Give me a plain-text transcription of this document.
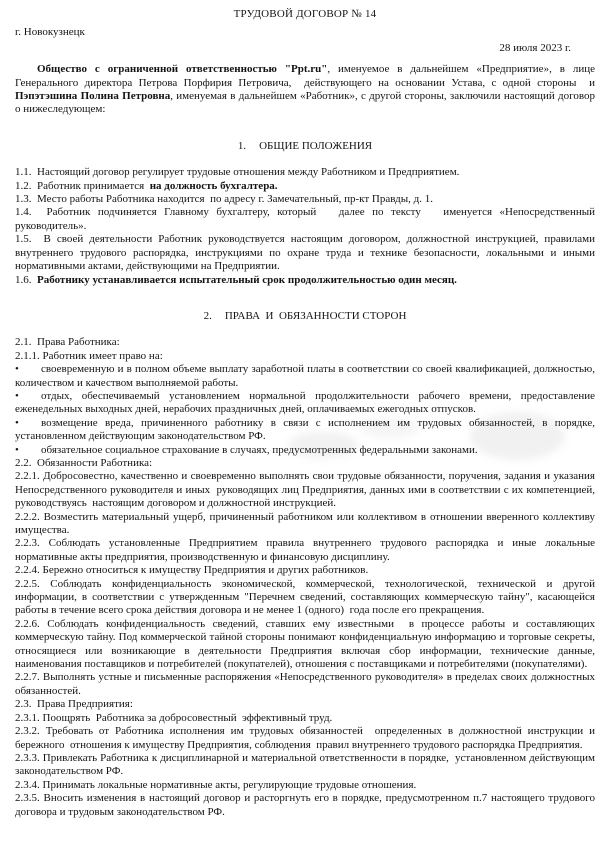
ТРУДОВОЙ ДОГОВОР № 14
г. Новокузнецк
28 июля 2023 г.

Общество с ограниченной ответственностью "Ppt.ru", именуемое в дальнейшем «Предприятие», в лице Генерального директора Петрова Порфирия Петровича,  действующего на основании Устава, с одной стороны  и Пэпэтэшина Полина Петровна, именуемая в дальнейшем «Работник», с другой стороны, заключили настоящий договор о нижеследующем:

1. ОБЩИЕ ПОЛОЖЕНИЯ

1.1.  Настоящий договор регулирует трудовые отношения между Работником и Предприятием.

1.2.  Работник принимается  на должность бухгалтера.

1.3.  Место работы Работника находится  по адресу г. Замечательный, пр-кт Правды, д. 1.

1.4.  Работник подчиняется Главному бухгалтеру, который   далее по тексту   именуется «Непосредственный руководитель».

1.5.  В своей деятельности Работник руководствуется настоящим договором, должностной инструкцией, правилами внутреннего трудового распорядка, инструкциями по охране труда и технике безопасности, локальными и иными нормативными актами, действующими на Предприятии.

1.6.  Работнику устанавливается испытательный срок продолжительностью один месяц.

2. ПРАВА  И  ОБЯЗАННОСТИ СТОРОН

2.1.  Права Работника:

2.1.1. Работник имеет право на:

• своевременную и в полном объеме выплату заработной платы в соответствии со своей квалификацией, должностью, количеством и качеством выполняемой работы.

• отдых, обеспечиваемый установлением нормальной продолжительности рабочего времени, предоставление еженедельных выходных дней, нерабочих праздничных дней, оплачиваемых ежегодных отпусков.

• возмещение вреда, причиненного работнику в связи с исполнением им трудовых обязанностей, в порядке, установленном действующим законодательством РФ.

• обязательное социальное страхование в случаях, предусмотренных федеральными законами.

2.2.  Обязанности Работника:

2.2.1. Добросовестно, качественно и своевременно выполнять свои трудовые обязанности, поручения, задания и указания Непосредственного руководителя и иных  руководящих лиц Предприятия, данных ими в соответствии с их компетенцией,  руководствуясь  настоящим договором и должностной инструкцией.

2.2.2. Возместить материальный ущерб, причиненный работником или коллективом в отношении вверенного коллективу имущества.

2.2.3. Соблюдать установленные Предприятием правила внутреннего трудового распорядка и иные локальные нормативные акты предприятия, производственную и финансовую дисциплину.

2.2.4. Бережно относиться к имуществу Предприятия и других работников.

2.2.5. Соблюдать конфиденциальность экономической, коммерческой, технологической, технической и другой информации, в соответствии с утвержденным "Перечнем сведений, составляющих коммерческую тайну", касающейся работы в течение всего срока действия договора и не менее 1 (одного)  года после его прекращения.

2.2.6. Соблюдать конфиденциальность сведений, ставших ему известными  в процессе работы и составляющих коммерческую тайну. Под коммерческой тайной стороны понимают конфиденциальную информацию и торговые секреты, относящиеся или возникающие в деятельности Предприятия включая сбор информации, технические данные, наименования поставщиков и потребителей (покупателей), отношения с поставщиками и потребителями (покупателями).

2.2.7. Выполнять устные и письменные распоряжения «Непосредственного руководителя» в пределах своих должностных обязанностей.

2.3.  Права Предприятия:

2.3.1. Поощрять  Работника за добросовестный  эффективный труд.

2.3.2. Требовать от Работника исполнения им трудовых обязанностей  определенных в должностной инструкции и бережного  отношения к имуществу Предприятия, соблюдения  правил внутреннего трудового распорядка Предприятия.

2.3.3. Привлекать Работника к дисциплинарной и материальной ответственности в порядке,  установленном действующим законодательством РФ.

2.3.4. Принимать локальные нормативные акты, регулирующие трудовые отношения.

2.3.5. Вносить изменения в настоящий договор и расторгнуть его в порядке, предусмотренном п.7 настоящего трудового договора и трудовым законодательством РФ.
